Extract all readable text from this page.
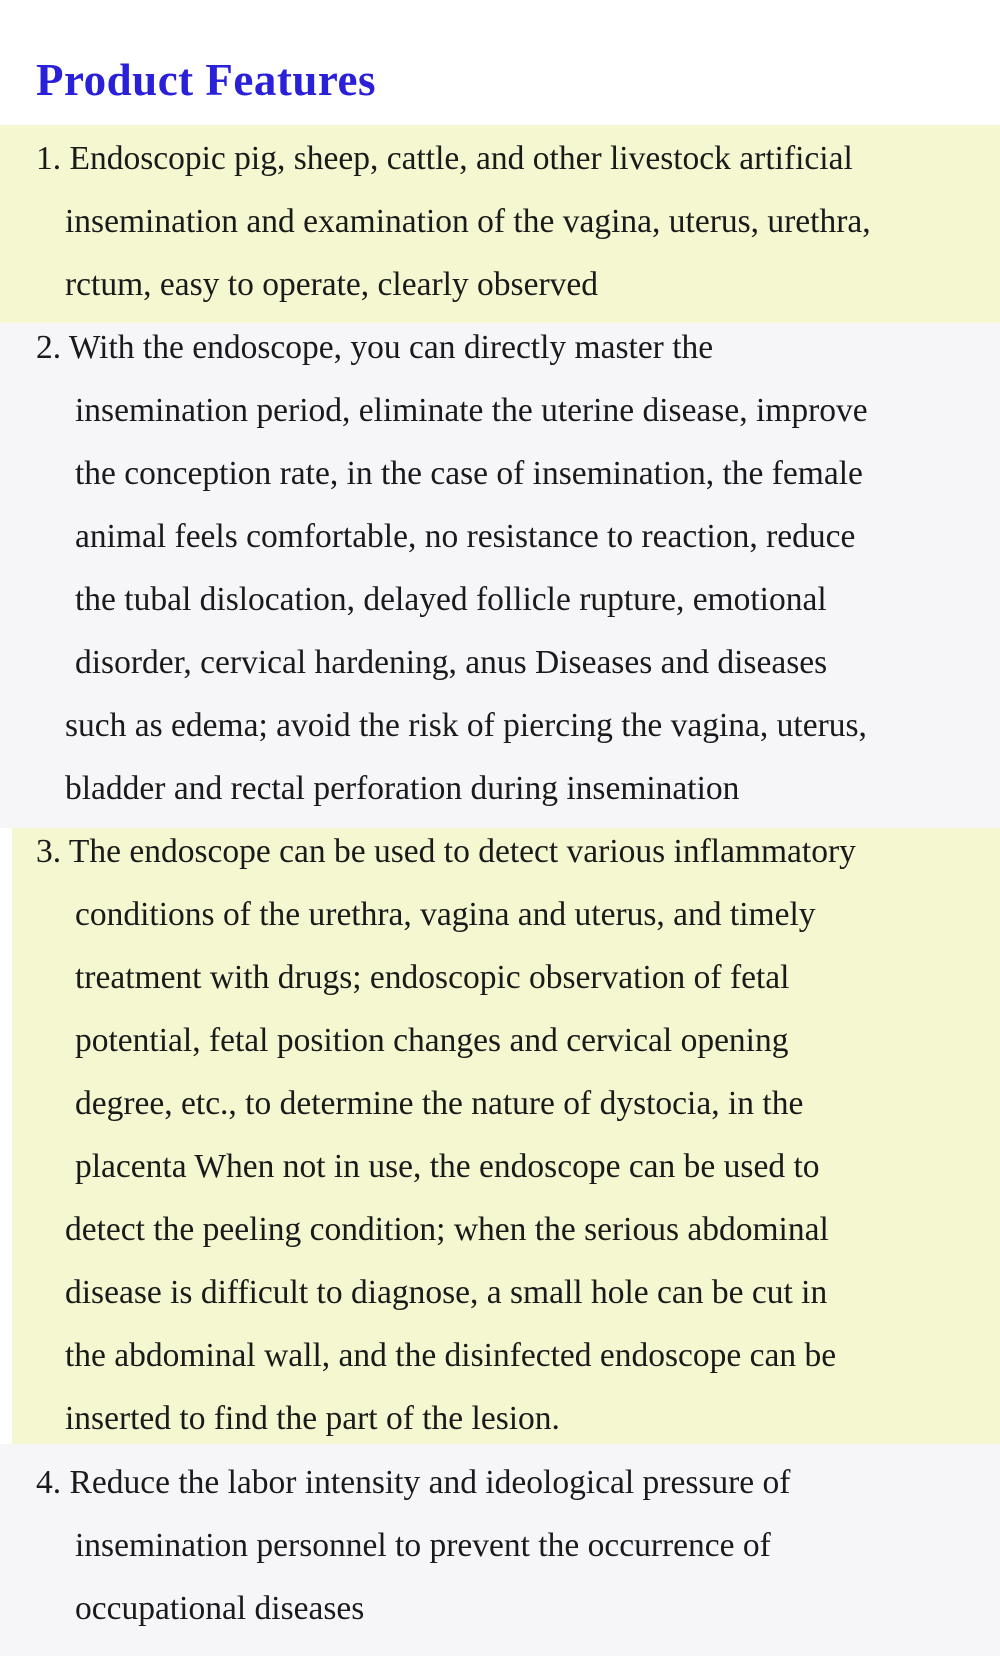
Product Features
1. Endoscopic pig, sheep, cattle, and other livestock artificial
insemination and examination of the vagina, uterus, urethra,
rctum, easy to operate, clearly observed
2. With the endoscope, you can directly master the
insemination period, eliminate the uterine disease, improve
the conception rate, in the case of insemination, the female
animal feels comfortable, no resistance to reaction, reduce
the tubal dislocation, delayed follicle rupture, emotional
disorder, cervical hardening, anus Diseases and diseases
such as edema; avoid the risk of piercing the vagina, uterus,
bladder and rectal perforation during insemination
3. The endoscope can be used to detect various inflammatory
conditions of the urethra, vagina and uterus, and timely
treatment with drugs; endoscopic observation of fetal
potential, fetal position changes and cervical opening
degree, etc., to determine the nature of dystocia, in the
placenta When not in use, the endoscope can be used to
detect the peeling condition; when the serious abdominal
disease is difficult to diagnose, a small hole can be cut in
the abdominal wall, and the disinfected endoscope can be
inserted to find the part of the lesion.
4. Reduce the labor intensity and ideological pressure of
insemination personnel to prevent the occurrence of
occupational diseases
